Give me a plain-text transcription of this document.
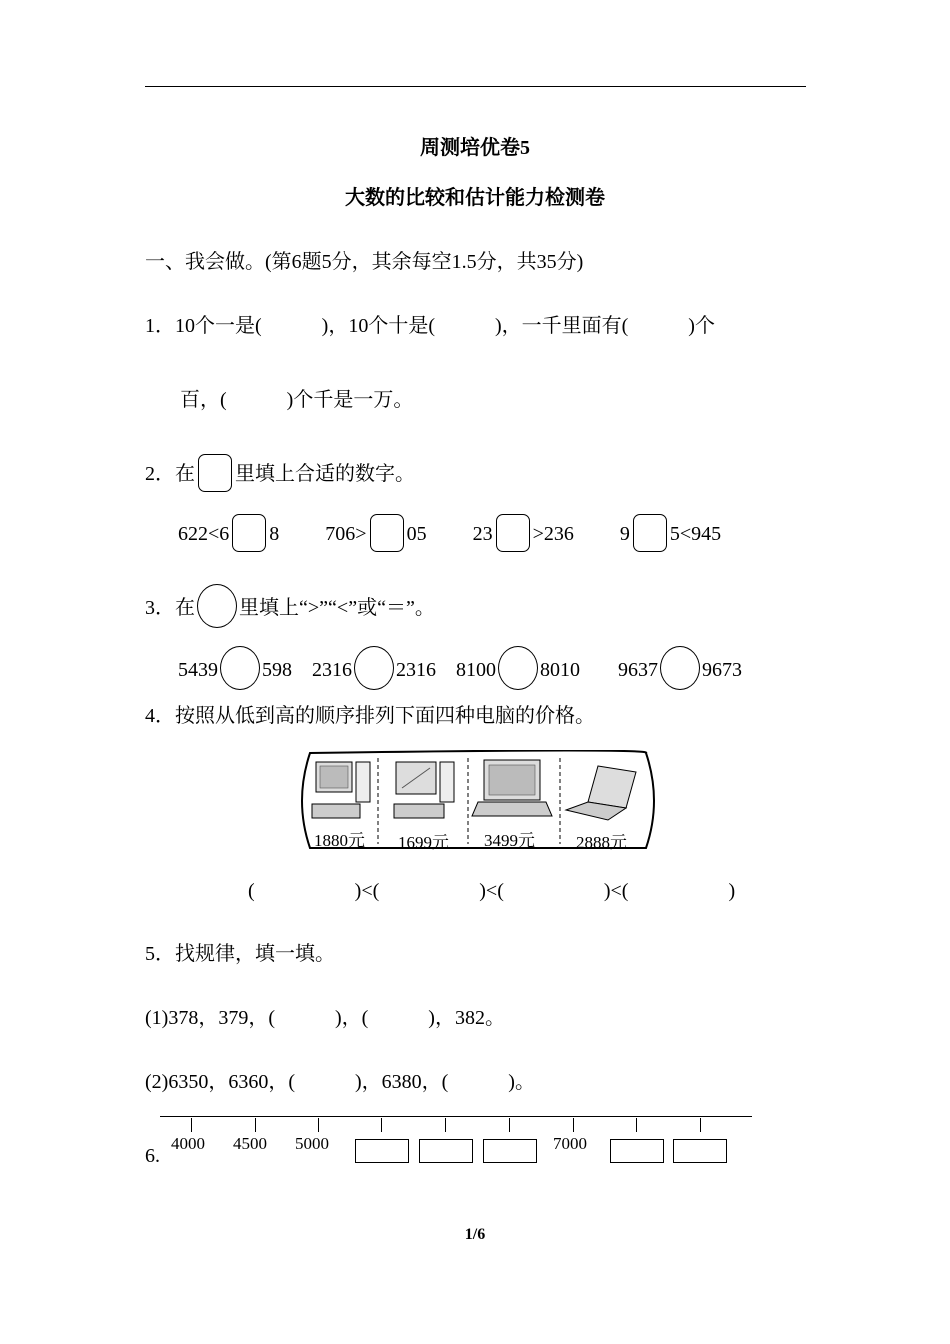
周测培优卷5
大数的比较和估计能力检测卷
一、我会做。(第6题5分，其余每空1.5分，共35分)
1．10个一是(　　　)，10个十是(　　　)，一千里面有(　　　)个
百，(　　　)个千是一万。
2．在 里填上合适的数字。
622<6 8 706> 05 23 >236 9 5<945
3．在 里填上“>”“<”或“＝”。
5439 598 2316 2316 8100 8010 9637 9673
4．按照从低到高的顺序排列下面四种电脑的价格。
1880元 1699元 3499元 2888元
(　　　　　)<(　　　　　)<(　　　　　)<(　　　　　)
5．找规律，填一填。
(1)378，379，(　　　)，(　　　)，382。
(2)6350，6360，(　　　)，6380，(　　　)。
4000 4500 5000	7000
6.
1/6
